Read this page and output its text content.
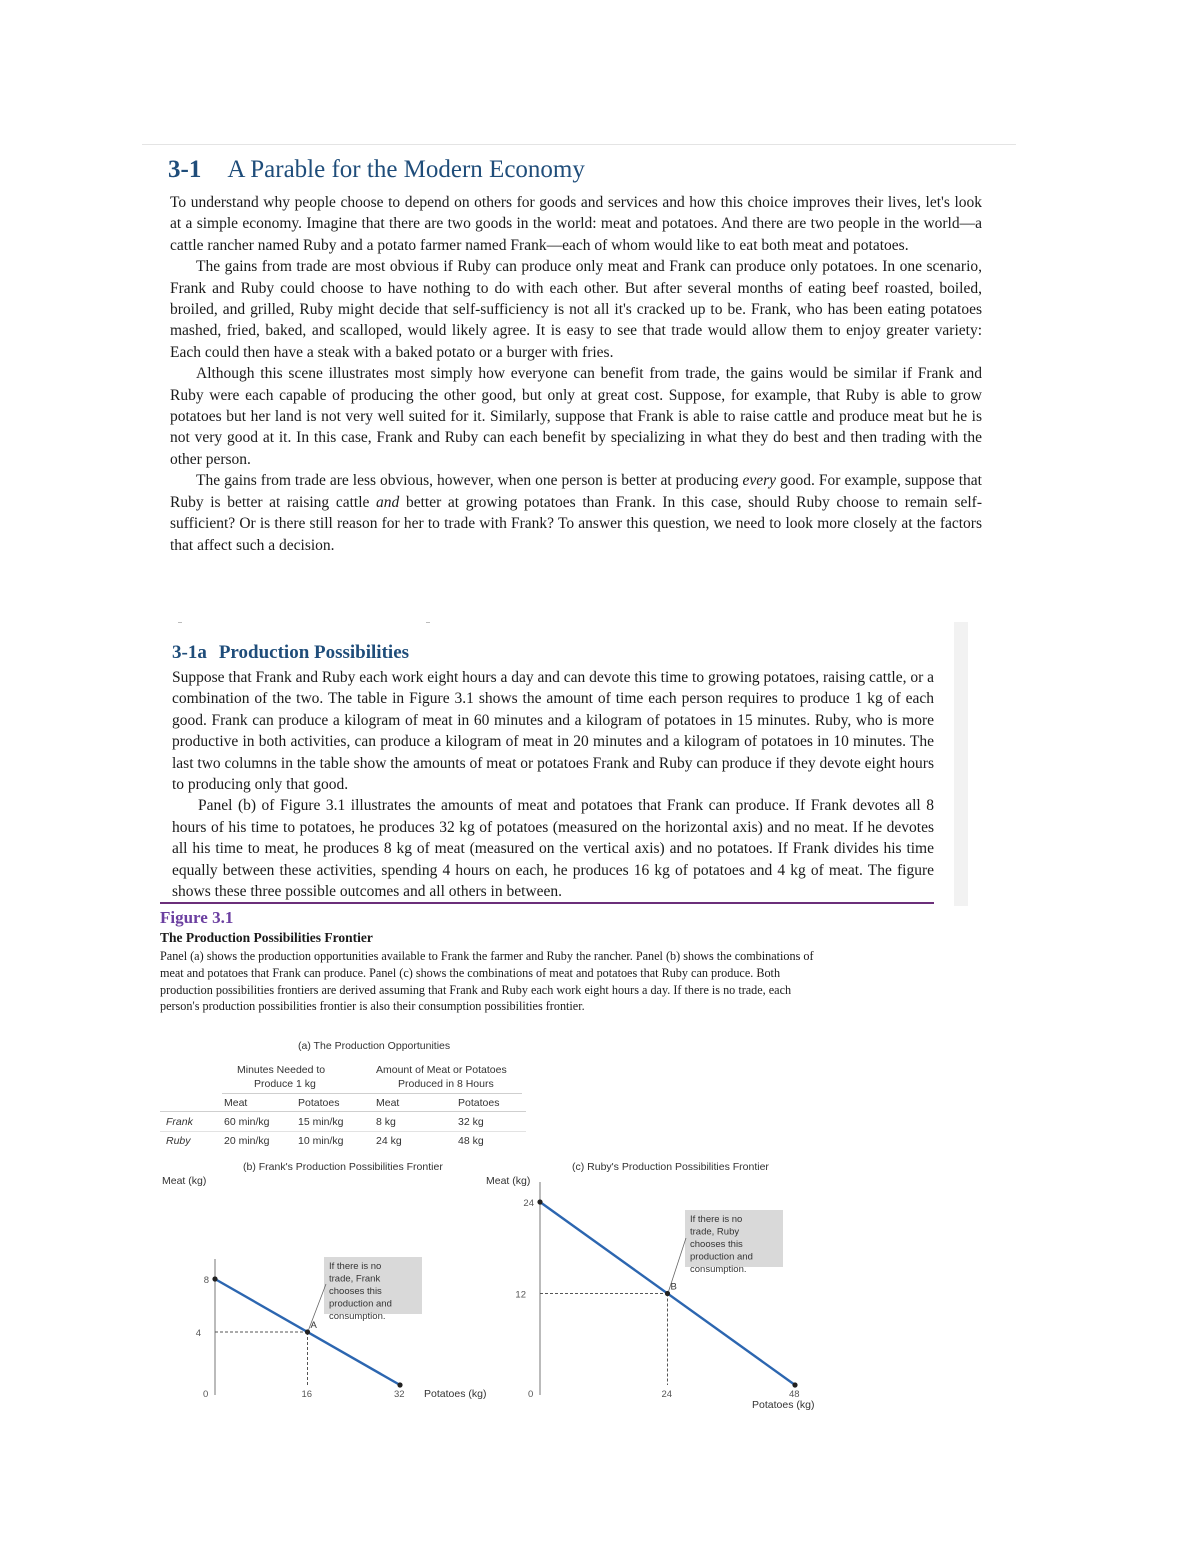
3-1 A Parable for the Modern Economy

To understand why people choose to depend on others for goods and services and how this choice improves their lives, let's look at a simple economy. Imagine that there are two goods in the world: meat and potatoes. And there are two people in the world—a cattle rancher named Ruby and a potato farmer named Frank—each of whom would like to eat both meat and potatoes.

The gains from trade are most obvious if Ruby can produce only meat and Frank can produce only potatoes. In one scenario, Frank and Ruby could choose to have nothing to do with each other. But after several months of eating beef roasted, boiled, broiled, and grilled, Ruby might decide that self-sufficiency is not all it's cracked up to be. Frank, who has been eating potatoes mashed, fried, baked, and scalloped, would likely agree. It is easy to see that trade would allow them to enjoy greater variety: Each could then have a steak with a baked potato or a burger with fries.

Although this scene illustrates most simply how everyone can benefit from trade, the gains would be similar if Frank and Ruby were each capable of producing the other good, but only at great cost. Suppose, for example, that Ruby is able to grow potatoes but her land is not very well suited for it. Similarly, suppose that Frank is able to raise cattle and produce meat but he is not very good at it. In this case, Frank and Ruby can each benefit by specializing in what they do best and then trading with the other person.

The gains from trade are less obvious, however, when one person is better at producing every good. For example, suppose that Ruby is better at raising cattle and better at growing potatoes than Frank. In this case, should Ruby choose to remain self-sufficient? Or is there still reason for her to trade with Frank? To answer this question, we need to look more closely at the factors that affect such a decision.

3-1a Production Possibilities

Suppose that Frank and Ruby each work eight hours a day and can devote this time to growing potatoes, raising cattle, or a combination of the two. The table in Figure 3.1 shows the amount of time each person requires to produce 1 kg of each good. Frank can produce a kilogram of meat in 60 minutes and a kilogram of potatoes in 15 minutes. Ruby, who is more productive in both activities, can produce a kilogram of meat in 20 minutes and a kilogram of potatoes in 10 minutes. The last two columns in the table show the amounts of meat or potatoes Frank and Ruby can produce if they devote eight hours to producing only that good.

Panel (b) of Figure 3.1 illustrates the amounts of meat and potatoes that Frank can produce. If Frank devotes all 8 hours of his time to potatoes, he produces 32 kg of potatoes (measured on the horizontal axis) and no meat. If he devotes all his time to meat, he produces 8 kg of meat (measured on the vertical axis) and no potatoes. If Frank divides his time equally between these activities, spending 4 hours on each, he produces 16 kg of potatoes and 4 kg of meat. The figure shows these three possible outcomes and all others in between.

Figure 3.1
The Production Possibilities Frontier

Panel (a) shows the production opportunities available to Frank the farmer and Ruby the rancher. Panel (b) shows the combinations of meat and potatoes that Frank can produce. Panel (c) shows the combinations of meat and potatoes that Ruby can produce. Both production possibilities frontiers are derived assuming that Frank and Ruby each work eight hours a day. If there is no trade, each person's production possibilities frontier is also their consumption possibilities frontier.

(a) The Production Opportunities
Minutes Needed to
Produce 1 kg
Amount of Meat or Potatoes
Produced in 8 Hours
Meat	Potatoes	Meat	Potatoes
Frank	60 min/kg	15 min/kg	8 kg	32 kg
Ruby	20 min/kg	10 min/kg	24 kg	48 kg
(b) Frank's Production Possibilities Frontier
Meat (kg)
Potatoes (kg)
0	16	32
4
8
A
If there is no
trade, Frank
chooses this
production and
consumption.
(c) Ruby's Production Possibilities Frontier
Meat (kg)
Potatoes (kg)
0	24	48
12
24
B
If there is no
trade, Ruby
chooses this
production and
consumption.
